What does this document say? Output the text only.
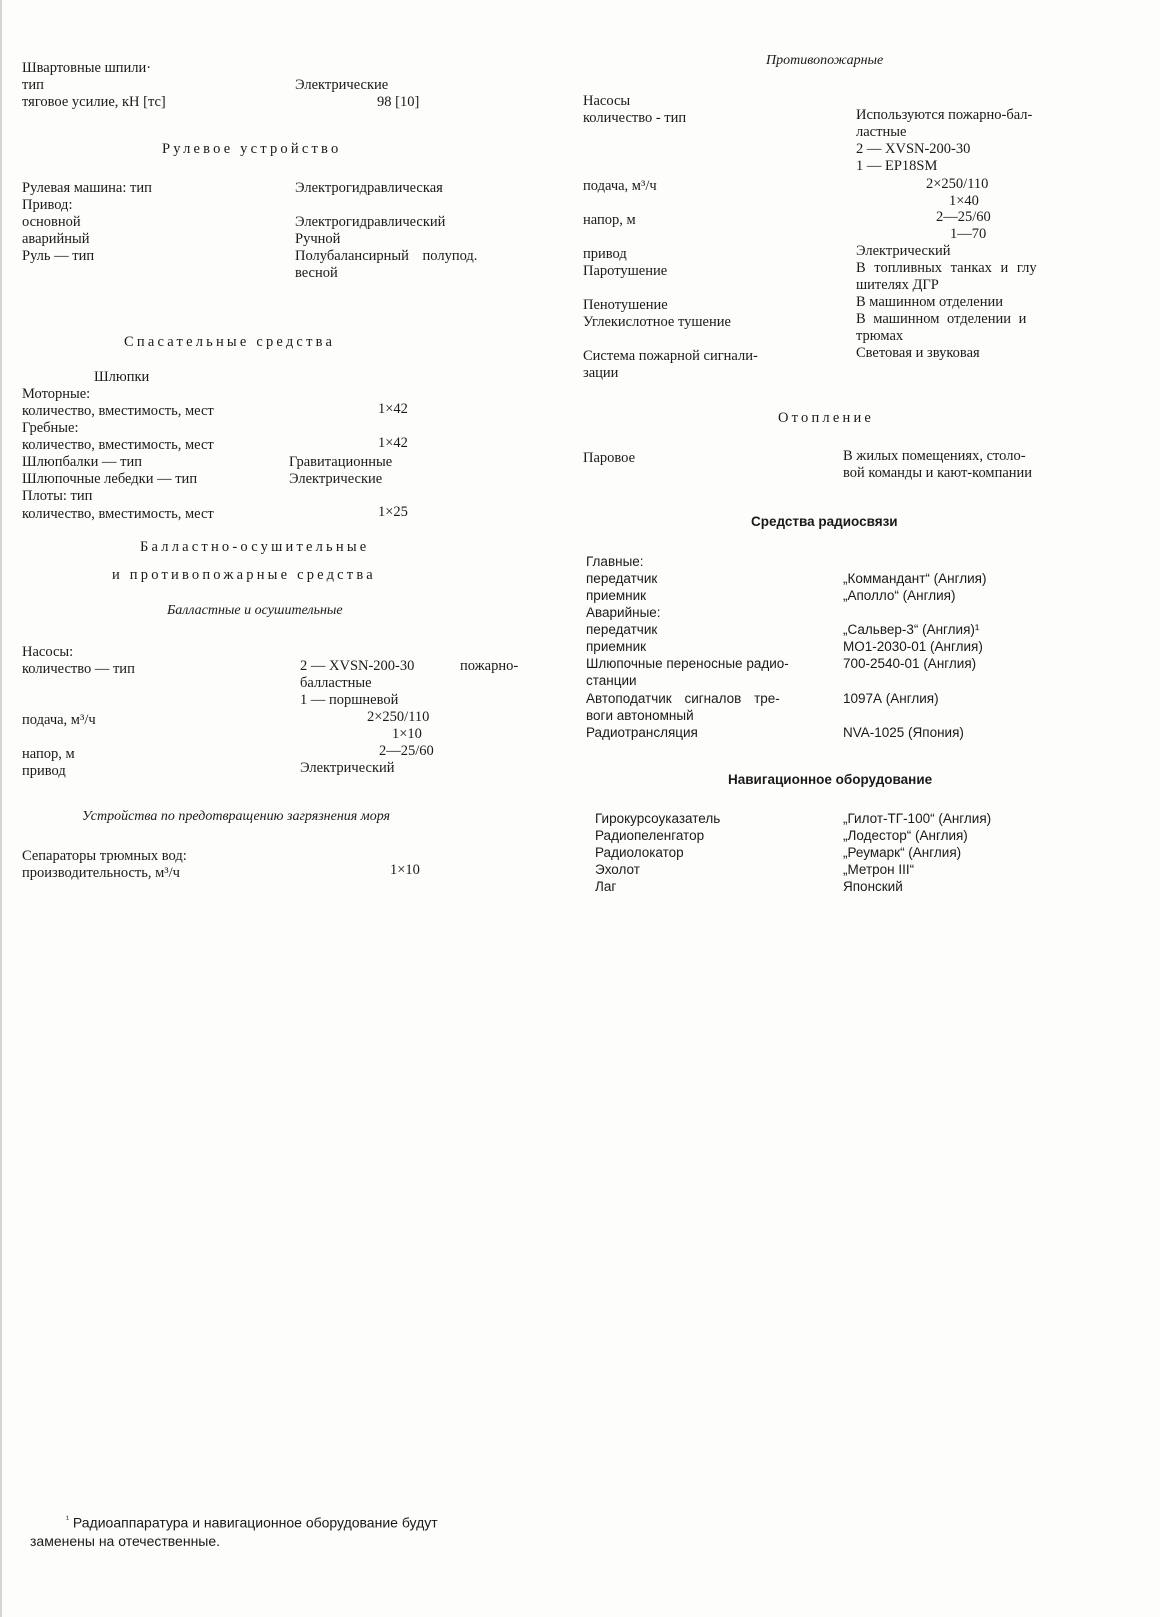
Швартовные шпили·
тип	Электрические
тяговое усилие, кН [тс]	98 [10]
Рулевое устройство
Рулевая машина: тип	Электрогидравлическая
Привод:
основной	Электрогидравлический
аварийный	Ручной
Руль — тип	Полубалансирный полупод.
весной
Спасательные средства
Шлюпки
Моторные:
количество, вместимость, мест	1×42
Гребные:
количество, вместимость, мест	1×42
Шлюпбалки — тип	Гравитационные
Шлюпочные лебедки — тип	Электрические
Плоты: тип
количество, вместимость, мест	1×25
Балластно-осушительные
и противопожарные средства
Балластные и осушительные
Насосы:
количество — тип	2 — XVSN-200-30	пожарно-
балластные
1 — поршневой
подача, м³/ч	2×250/110
1×10
напор, м	2—25/60
привод	Электрический
Устройства по предотвращению загрязнения моря
Сепараторы трюмных вод:
производительность, м³/ч	1×10
Противопожарные
Насосы
количество - тип	Используются пожарно-бал-
ластные
2 — XVSN-200-30
1 — EP18SM
подача, м³/ч	2×250/110
1×40
напор, м	2—25/60
1—70
привод	Электрический
Паротушение	В топливных танках и глу
шителях ДГР
Пенотушение	В машинном отделении
Углекислотное тушение	В машинном отделении и
трюмах
Система пожарной сигнали-	Световая и звуковая
зации
Отопление
Паровое	В жилых помещениях, столо-
вой команды и кают-компании
Средства радиосвязи
Главные:
передатчик	„Коммандант“ (Англия)
приемник	„Аполло“ (Англия)
Аварийные:
передатчик	„Сальвер-3“ (Англия)¹
приемник	МО1-2030-01 (Англия)
Шлюпочные переносные радио-	700-2540-01 (Англия)
станции
Автоподатчик сигналов тре-	1097А (Англия)
воги автономный
Радиотрансляция	NVA-1025 (Япония)
Навигационное оборудование
Гирокурсоуказатель	„Гилот-ТГ-100“ (Англия)
Радиопеленгатор	„Лодестор“ (Англия)
Радиолокатор	„Реумарк“ (Англия)
Эхолот	„Метрон III“
Лаг	Японский
$^{^1}$ Радиоаппаратура и навигационное оборудование будут
заменены на отечественные.
